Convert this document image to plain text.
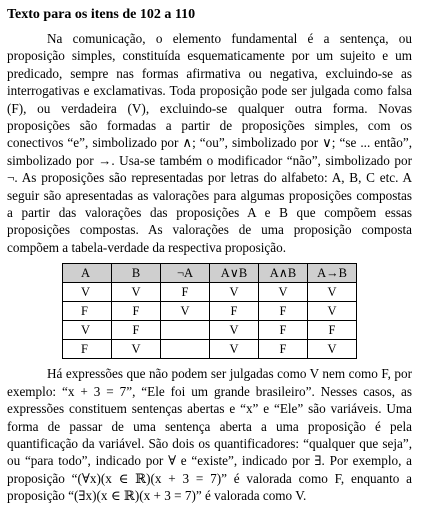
Texto para os itens de 102 a 110

Na comunicação, o elemento fundamental é a sentença, ou proposição simples, constituída esquematicamente por um sujeito e um predicado, sempre nas formas afirmativa ou negativa, excluindo-se as interrogativas e exclamativas. Toda proposição pode ser julgada como falsa (F), ou verdadeira (V), excluindo-se qualquer outra forma. Novas proposições são formadas a partir de proposições simples, com os conectivos “e”, simbolizado por ∧; “ou”, simbolizado por ∨; “se ... então”, simbolizado por →. Usa-se também o modificador “não”, simbolizado por ¬. As proposições são representadas por letras do alfabeto: A, B, C etc. A seguir são apresentadas as valorações para algumas proposições compostas a partir das valorações das proposições A e B que compõem essas proposições compostas. As valorações de uma proposição composta compõem a tabela-verdade da respectiva proposição.

A	B	¬A	A∨B	A∧B	A→B
V	V	F	V	V	V
F	F	V	F	F	V
V	F		V	F	F
F	V		V	F	V

Há expressões que não podem ser julgadas como V nem como F, por exemplo: “x + 3 = 7”, “Ele foi um grande brasileiro”. Nesses casos, as expressões constituem sentenças abertas e “x” e “Ele” são variáveis. Uma forma de passar de uma sentença aberta a uma proposição é pela quantificação da variável. São dois os quantificadores: “qualquer que seja”, ou “para todo”, indicado por ∀ e “existe”, indicado por ∃. Por exemplo, a proposição “(∀x)(x ∈ ℝ)(x + 3 = 7)” é valorada como F, enquanto a proposição “(∃x)(x ∈ ℝ)(x + 3 = 7)” é valorada como V.
